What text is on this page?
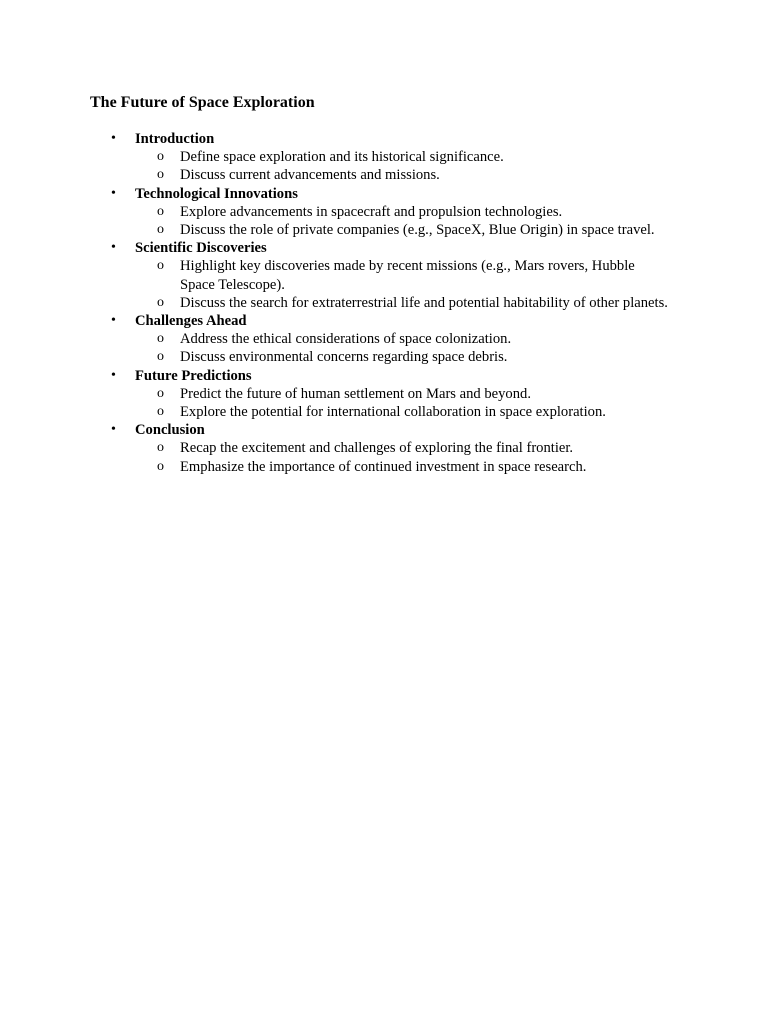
The Future of Space Exploration
•	Introduction
o Define space exploration and its historical significance.
o Discuss current advancements and missions.
•	Technological Innovations
o Explore advancements in spacecraft and propulsion technologies.
o Discuss the role of private companies (e.g., SpaceX, Blue Origin) in space travel.
•	Scientific Discoveries
o Highlight key discoveries made by recent missions (e.g., Mars rovers, Hubble Space Telescope).
o Discuss the search for extraterrestrial life and potential habitability of other planets.
•	Challenges Ahead
o Address the ethical considerations of space colonization.
o Discuss environmental concerns regarding space debris.
•	Future Predictions
o Predict the future of human settlement on Mars and beyond.
o Explore the potential for international collaboration in space exploration.
•	Conclusion
o Recap the excitement and challenges of exploring the final frontier.
o Emphasize the importance of continued investment in space research.
